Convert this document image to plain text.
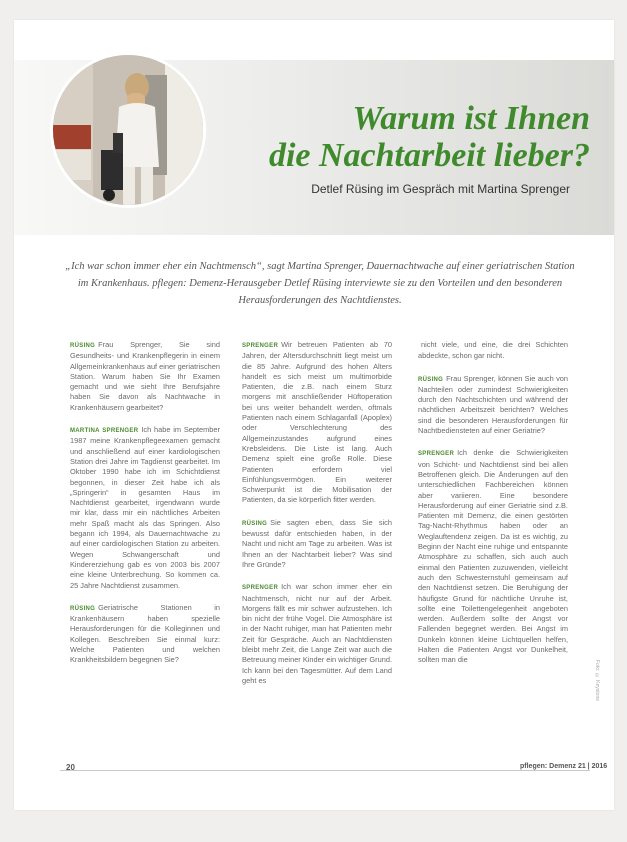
Warum ist Ihnen
die Nachtarbeit lieber?
Detlef Rüsing im Gespräch mit Martina Sprenger
„Ich war schon immer eher ein Nachtmensch“, sagt Martina Sprenger, Dauernachtwache auf einer geriatrischen Station im Krankenhaus. pflegen: Demenz-Herausgeber Detlef Rüsing interviewte sie zu den Vorteilen und den besonderen Herausforderungen des Nachtdienstes.

RÜSING Frau Sprenger, Sie sind Gesundheits- und Krankenpflegerin in einem Allgemeinkrankenhaus auf einer geriatrischen Station. Warum haben Sie Ihr Examen gemacht und wie sieht Ihre Berufsjahre haben Sie davon als Nachtwache in Krankenhäusern gearbeitet?

MARTINA SPRENGER Ich habe im September 1987 meine Krankenpflegeexamen gemacht und anschließend auf einer kardiologischen Station drei Jahre im Tagdienst gearbeitet. Im Oktober 1990 habe ich im Schichtdienst begonnen, in dieser Zeit habe ich als „Springerin“ in gesamten Haus im Nachtdienst gearbeitet, irgendwann wurde mir klar, dass mir ein nächtliches Arbeiten mehr Spaß macht als das Springen. Also begann ich 1994, als Dauernachtwache zu auf einer cardiologischen Station zu arbeiten. Wegen Schwangerschaft und Kindererziehung gab es von 2003 bis 2007 eine kleine Unterbrechung. So kommen ca. 25 Jahre Nachtdienst zusammen.

RÜSING Geriatrische Stationen in Krankenhäusern haben spezielle Herausforderungen für die Kolleginnen und Kollegen. Beschreiben Sie einmal kurz: Welche Patienten und welchen Krankheitsbildern begegnen Sie?

SPRENGER Wir betreuen Patienten ab 70 Jahren, der Altersdurchschnitt liegt meist um die 85 Jahre. Aufgrund des hohen Alters handelt es sich meist um multimorbide Patienten, die z.B. nach einem Sturz morgens mit anschließender Hüftoperation bei uns weiter behandelt werden, oftmals Patienten nach einem Schlaganfall (Apoplex) oder Verschlechterung des Allgemeinzustandes aufgrund eines Krebsleidens. Die Liste ist lang. Auch Demenz spielt eine große Rolle. Diese Patienten erfordern viel Einfühlungsvermögen. Ein weiterer Schwerpunkt ist die Mobilisation der Patienten, da sie körperlich fitter werden.

RÜSING Sie sagten eben, dass Sie sich bewusst dafür entschieden haben, in der Nacht und nicht am Tage zu arbeiten. Was ist Ihnen an der Nachtarbeit lieber? Was sind Ihre Gründe?

SPRENGER Ich war schon immer eher ein Nachtmensch, nicht nur auf der Arbeit. Morgens fällt es mir schwer aufzustehen. Ich bin nicht der frühe Vogel. Die Atmosphäre ist in der Nacht ruhiger, man hat Patienten mehr Zeit für Gespräche. Auch an Nachtdiensten bleibt mehr Zeit, die Lange Zeit war auch die Betreuung meiner Kinder ein wichtiger Grund. Ich kann bei den Tagesmütter. Auf dem Land geht es

nicht viele, und eine, die drei Schichten abdeckte, schon gar nicht.

RÜSING Frau Sprenger, können Sie auch von Nachteilen oder zumindest Schwierigkeiten durch den Nachtschichten und während der nächtlichen Arbeitszeit berichten? Welches sind die besonderen Herausforderungen für Nachtbediensteten auf einer Geriatrie?

SPRENGER Ich denke die Schwierigkeiten von Schicht- und Nachtdienst sind bei allen Betroffenen gleich. Die Änderungen auf den unterschiedlichen Fachbereichen können aber variieren. Eine besondere Herausforderung auf einer Geriatrie sind z.B. Patienten mit Demenz, die einen gestörten Tag-Nacht-Rhythmus haben oder an Weglauftendenz zeigen. Da ist es wichtig, zu Beginn der Nacht eine ruhige und entspannte Atmosphäre zu schaffen, sich auch auch einmal den Patienten zuzuwenden, vielleicht auch den Schwesternstuhl gemeinsam auf den Nachtdienst setzen. Die Beruhigung der häufigste Grund für nächtliche Unruhe ist, sollte eine Toilettengelegenheit angeboten werden. Außerdem sollte der Angst vor Fallenden begegnet werden. Bei Angst im Dunkeln können kleine Lichtquellen helfen, Halten die Patienten Angst vor Dunkelheit, sollten man die

Foto: © Keystone
20	pflegen: Demenz 21 | 2016
